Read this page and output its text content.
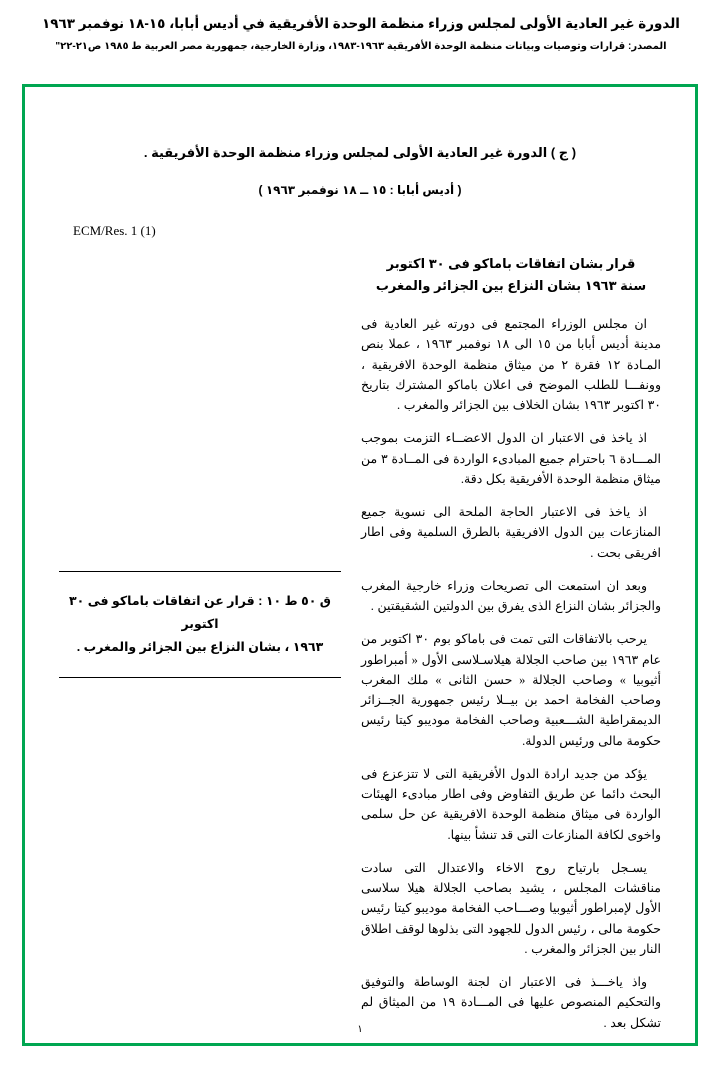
الدورة غير العادية الأولى لمجلس وزراء منظمة الوحدة الأفريقية في أديس أبابا، ١٥-١٨ نوفمبر ١٩٦٣
المصدر: قرارات وتوصيات وبيانات منظمة الوحدة الأفريقية ١٩٦٣-١٩٨٣، وزارة الخارجية، جمهورية مصر العربية ط ١٩٨٥ ص٢١-٢٢"
( ج ) الدورة غير العادية الأولى لمجلس وزراء منظمة الوحدة الأفريقية .
( أديس أبابا : ١٥ ــ ١٨ نوفمبر ١٩٦٣ )
ECM/Res. 1 (1)
قرار بشان اتفاقات باماكو فى ٣٠ اكتوبر
سنة ١٩٦٣ بشان النزاع بين الجزائر والمغرب

ان مجلس الوزراء المجتمع فى دورته غير العادية فى مدينة أديس أبابا من ١٥ الى ١٨ نوفمبر ١٩٦٣ ، عملا بنص المـادة ١٢ فقرة ٢ من ميثاق منظمة الوحدة الافريقية ، وونفـــا للطلب الموضح فى اعلان باماكو المشترك بتاريخ ٣٠ اكتوبر ١٩٦٣ بشان الخلاف بين الجزائر والمغرب .

اذ ياخذ فى الاعتبار ان الدول الاعضــاء التزمت بموجب المـــادة ٦ باحترام جميع المبادىء الواردة فى المــادة ٣ من ميثاق منظمة الوحدة الأفريقية بكل دقة.

اذ ياخذ فى الاعتبار الحاجة الملحة الى نسوية جميع المنازعات بين الدول الافريقية بالطرق السلمية وفى اطار افريقى بحت .

وبعد ان استمعت الى تصريحات وزراء خارجية المغرب والجزائر بشان النزاع الذى يفرق بين الدولتين الشقيقتين .

يرحب بالاتفاقات التى تمت فى باماكو بوم ٣٠ اكتوبر من عام ١٩٦٣ بين صاحب الجلالة هيلاسـلاسى الأول « أمبراطور أثيوبيا » وصاحب الجلالة « حسن الثانى » ملك المغرب وصاحب الفخامة احمد بن بيــلا رئيس جمهورية الجــزائر الديمقراطية الشـــعبية وصاحب الفخامة موديبو كيتا رئيس حكومة مالى ورئيس الدولة.

يؤكد من جديد ارادة الدول الأفريقية التى لا تتزعزع فى البحث دائما عن طريق التفاوض وفى اطار مبادىء الهيئات الواردة فى ميثاق منظمة الوحدة الافريقية عن حل سلمى واخوى لكافة المنازعات التى قد تنشأ بينها.

يسـجل بارتياح روح الاخاء والاعتدال التى سادت مناقشات المجلس ، يشيد بصاحب الجلالة هيلا سلاسى الأول لإمبراطور أثيوبيا وصـــاحب الفخامة موديبو كيتا رئيس حكومة مالى ، رئيس الدول للجهود التى بذلوها لوقف اطلاق النار بين الجزائر والمغرب .

واذ ياخـــذ فى الاعتبار ان لجنة الوساطة والتوفيق والتحكيم المنصوص عليها فى المـــادة ١٩ من الميثاق لم تشكل بعد .

ق ٥٠ ط ١٠ : قرار عن اتفاقات باماكو فى ٣٠ اكتوبر
١٩٦٣ ، بشان النزاع بين الجزائر والمغرب .
١
